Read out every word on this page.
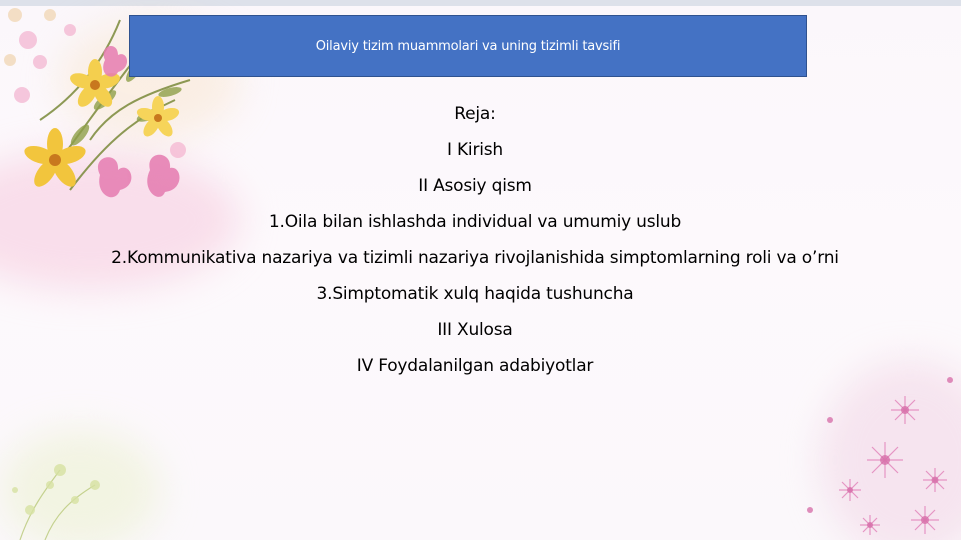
Oilaviy tizim muammolari va uning tizimli tavsifi
Reja:
I Kirish
II Asosiy qism
1.Oila bilan ishlashda individual va umumiy uslub
2.Kommunikativa nazariya va tizimli nazariya rivojlanishida simptomlarning roli va o’rni
3.Simptomatik xulq haqida tushuncha
III Xulosa
IV Foydalanilgan adabiyotlar
